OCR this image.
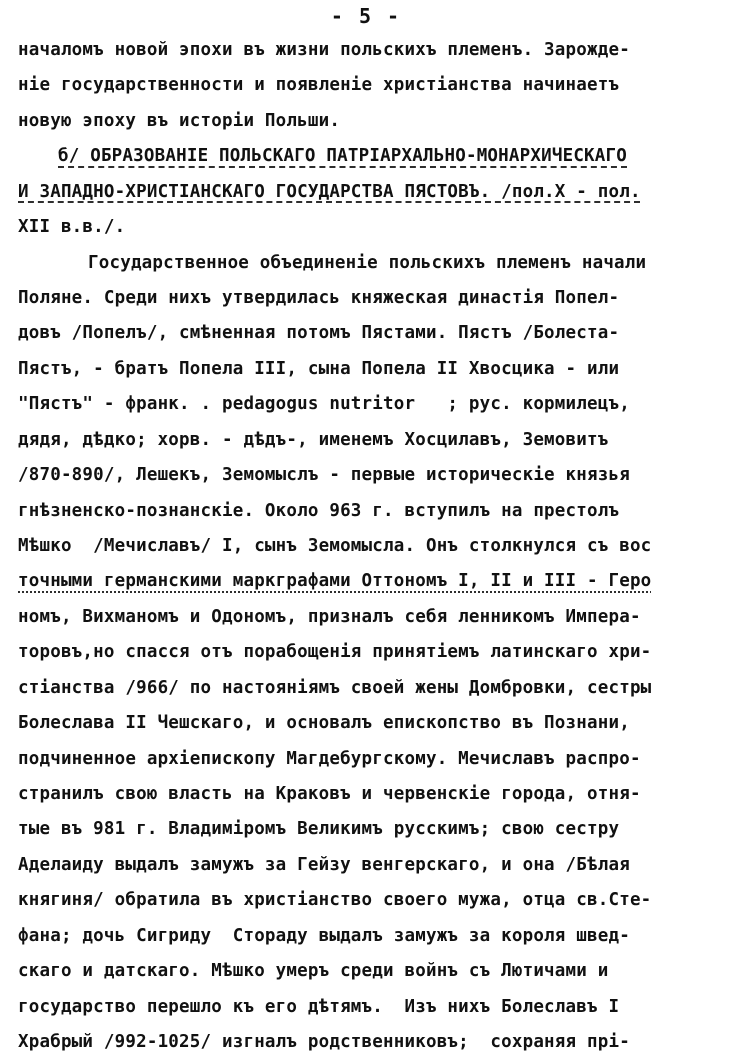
- 5 -
началомъ новой эпохи въ жизни польскихъ племенъ. Зарожде-
ніе государственности и появленіе христіанства начинаетъ
новую эпоху въ исторіи Польши.
б/ ОБРАЗОВАНІЕ ПОЛЬСКАГО ПАТРІАРХАЛЬНО-МОНАРХИЧЕСКАГО
И ЗАПАДНО-ХРИСТІАНСКАГО ГОСУДАРСТВА ПЯСТОВЪ. /пол.X - пол.
XII в.в./.
Государственное объединеніе польскихъ племенъ начали
Поляне. Среди нихъ утвердилась княжеская династія Попел-
довъ /Попелъ/, смѣненная потомъ Пястами. Пястъ /Болеста-
Пястъ, - братъ Попела III, сына Попела II Хвосцика - или
"Пястъ" - франк. . pedagogus nutritor   ; рус. кормилецъ,
дядя, дѣдко; хорв. - дѣдъ-, именемъ Хосцилавъ, Земовитъ
/870-890/, Лешекъ, Земомыслъ - первые историческіе князья
гнѣзненско-познанскіе. Около 963 г. вступилъ на престолъ
Мѣшко  /Мечиславъ/ I, сынъ Земомысла. Онъ столкнулся съ вос
точными германскими маркграфами Оттономъ I, II и III - Геро
номъ, Вихманомъ и Одономъ, призналъ себя ленникомъ Импера-
торовъ,но спасся отъ порабощенія принятіемъ латинскаго хри-
стіанства /966/ по настояніямъ своей жены Домбровки, сестры
Болеслава II Чешскаго, и основалъ епископство въ Познани,
подчиненное архіепископу Магдебургскому. Мечиславъ распро-
странилъ свою власть на Краковъ и червенскіе города, отня-
тые въ 981 г. Владиміромъ Великимъ русскимъ; свою сестру
Аделаиду выдалъ замужъ за Гейзу венгерскаго, и она /Бѣлая
княгиня/ обратила въ христіанство своего мужа, отца св.Сте-
фана; дочь Сигриду  Стораду выдалъ замужъ за короля швед-
скаго и датскаго. Мѣшко умеръ среди войнъ съ Лютичами и
государство перешло къ его дѣтямъ.  Изъ нихъ Болеславъ I
Храбрый /992-1025/ изгналъ родственниковъ;  сохраняя прі-
